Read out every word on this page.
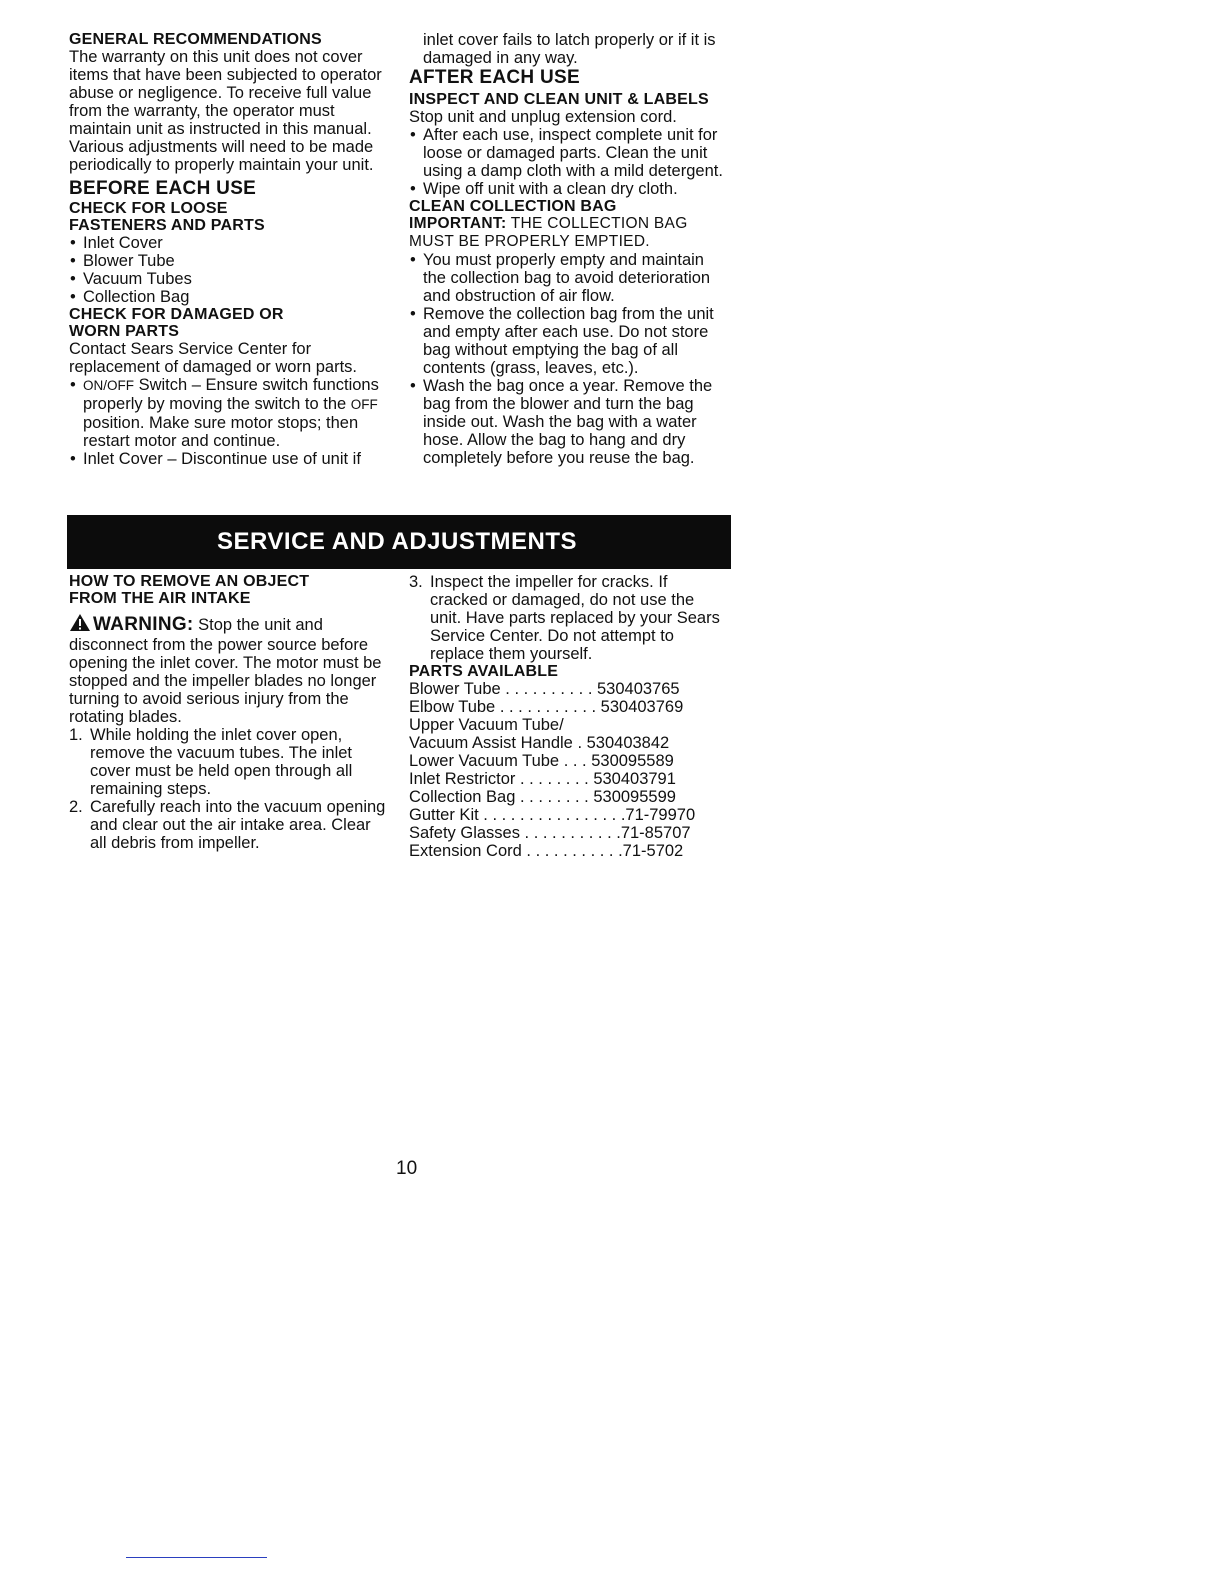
GENERAL RECOMMENDATIONS

The warranty on this unit does not cover items that have been subjected to operator abuse or negligence. To receive full value from the warranty, the operator must maintain unit as instructed in this manual. Various adjustments will need to be made periodically to properly maintain your unit.

BEFORE EACH USE
CHECK FOR LOOSE
FASTENERS AND PARTS
• Inlet Cover
• Blower Tube
• Vacuum Tubes
• Collection Bag
CHECK FOR DAMAGED OR
WORN PARTS

Contact Sears Service Center for replacement of damaged or worn parts.

• ON/OFF Switch – Ensure switch functions properly by moving the switch to the OFF position. Make sure motor stops; then restart motor and continue.
• Inlet Cover – Discontinue use of unit if

inlet cover fails to latch properly or if it is damaged in any way.

AFTER EACH USE
INSPECT AND CLEAN UNIT & LABELS

Stop unit and unplug extension cord.

• After each use, inspect complete unit for loose or damaged parts. Clean the unit using a damp cloth with a mild detergent.
• Wipe off unit with a clean dry cloth.
CLEAN COLLECTION BAG

IMPORTANT: THE COLLECTION BAG MUST BE PROPERLY EMPTIED.

• You must properly empty and maintain the collection bag to avoid deterioration and obstruction of air flow.
• Remove the collection bag from the unit and empty after each use. Do not store bag without emptying the bag of all contents (grass, leaves, etc.).
• Wash the bag once a year. Remove the bag from the blower and turn the bag inside out. Wash the bag with a water hose. Allow the bag to hang and dry completely before you reuse the bag.
SERVICE AND ADJUSTMENTS
HOW TO REMOVE AN OBJECT
FROM THE AIR INTAKE

WARNING: Stop the unit and disconnect from the power source before opening the inlet cover. The motor must be stopped and the impeller blades no longer turning to avoid serious injury from the rotating blades.

1. While holding the inlet cover open, remove the vacuum tubes. The inlet cover must be held open through all remaining steps.
2. Carefully reach into the vacuum opening and clear out the air intake area. Clear all debris from impeller.
3. Inspect the impeller for cracks. If cracked or damaged, do not use the unit. Have parts replaced by your Sears Service Center. Do not attempt to replace them yourself.
PARTS AVAILABLE
Blower Tube . . . . . . . . . . 530403765
Elbow Tube . . . . . . . . . . . 530403769
Upper Vacuum Tube/
Vacuum Assist Handle . 530403842
Lower Vacuum Tube . . . 530095589
Inlet Restrictor . . . . . . . . 530403791
Collection Bag . . . . . . . . 530095599
Gutter Kit . . . . . . . . . . . . . . . . 71-79970
Safety Glasses . . . . . . . . . . . 71-85707
Extension Cord . . . . . . . . . . . 71-5702
10
